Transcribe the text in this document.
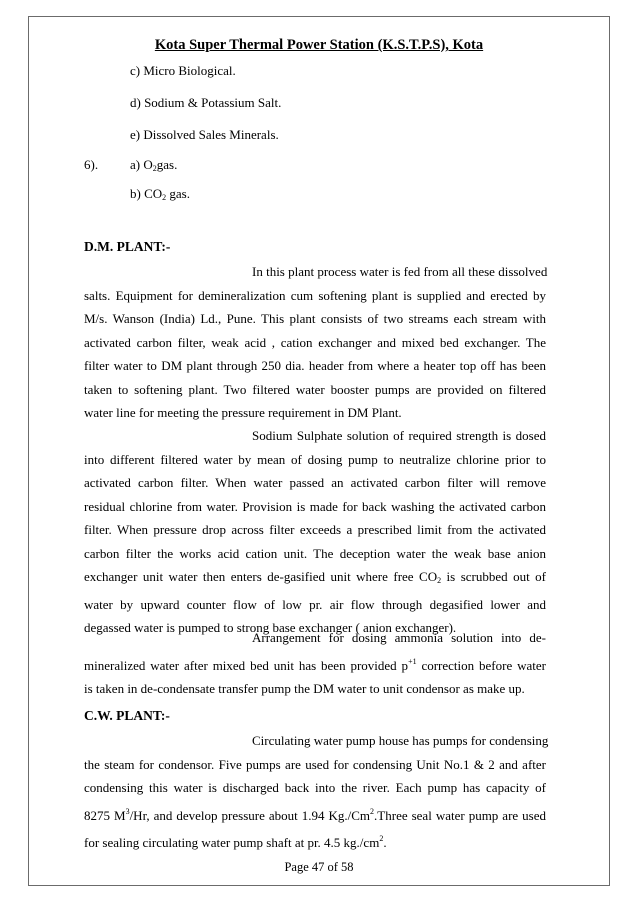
Kota Super Thermal Power Station (K.S.T.P.S), Kota
c) Micro Biological.
d) Sodium & Potassium Salt.
e) Dissolved Sales Minerals.
6). a) $O_2gas$.
b) $CO_2$ gas.
D.M. PLANT:-
In this plant process water is fed from all these dissolved
salts. Equipment for demineralization cum softening plant is supplied and erected by
M/s. Wanson (India) Ld., Pune. This plant consists of two streams each stream with
activated carbon filter, weak acid , cation exchanger and mixed bed exchanger. The
filter water to DM plant through 250 dia. header from where a heater top off has been
taken to softening plant. Two filtered water booster pumps are provided on filtered
water line for meeting the pressure requirement in DM Plant.
Sodium Sulphate solution of required strength is dosed
into different filtered water by mean of dosing pump to neutralize chlorine prior to
activated carbon filter. When water passed an activated carbon filter will remove
residual chlorine from water. Provision is made for back washing the activated carbon
filter. When pressure drop across filter exceeds a prescribed limit from the activated
carbon filter the works acid cation unit. The deception water the weak base anion
exchanger unit water then enters de-gasified unit where free $CO_2$ is scrubbed out of
water by upward counter flow of low pr. air flow through degasified lower and
degassed water is pumped to strong base exchanger ( anion exchanger).
Arrangement for dosing ammonia solution into de-
mineralized water after mixed bed unit has been provided $p^{+1}$ correction before water
is taken in de-condensate transfer pump the DM water to unit condensor as make up.
C.W. PLANT:-
Circulating water pump house has pumps for condensing
the steam for condensor. Five pumps are used for condensing Unit No.1 & 2 and after
condensing this water is discharged back into the river. Each pump has capacity of
8275 $M^3/Hr$, and develop pressure about 1.94 Kg./Cm$^2$.Three seal water pump are used
for sealing circulating water pump shaft at pr. 4.5 $kg./cm^2$.
Page 47 of 58
